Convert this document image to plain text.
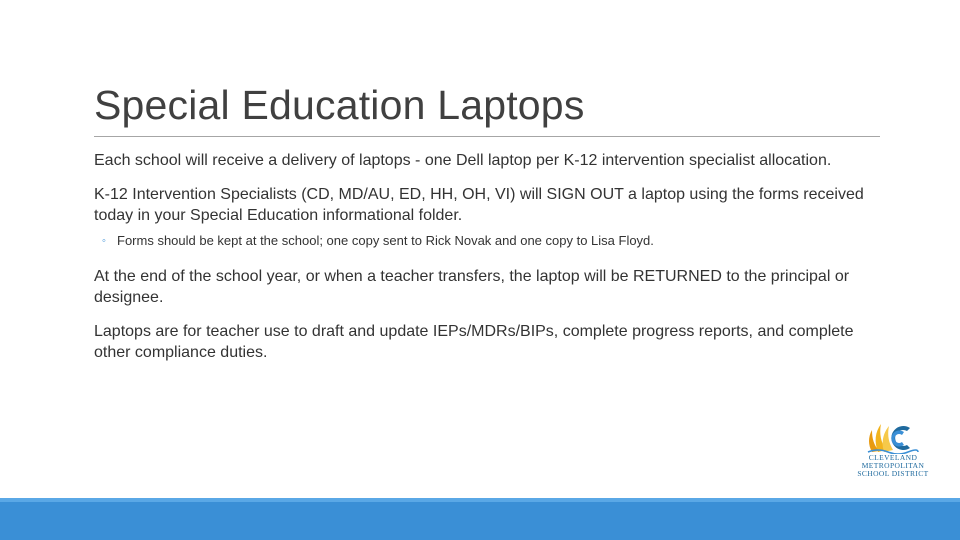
Special Education Laptops

Each school will receive a delivery of laptops - one Dell laptop per K-12 intervention specialist allocation.

K-12 Intervention Specialists (CD, MD/AU, ED, HH, OH, VI) will SIGN OUT a laptop using the forms received today in your Special Education informational folder.

◦ Forms should be kept at the school; one copy sent to Rick Novak and one copy to Lisa Floyd.

At the end of the school year, or when a teacher transfers, the laptop will be RETURNED to the principal or designee.

Laptops are for teacher use to draft and update IEPs/MDRs/BIPs, complete progress reports, and complete other compliance duties.

CLEVELAND
METROPOLITAN
SCHOOL DISTRICT
